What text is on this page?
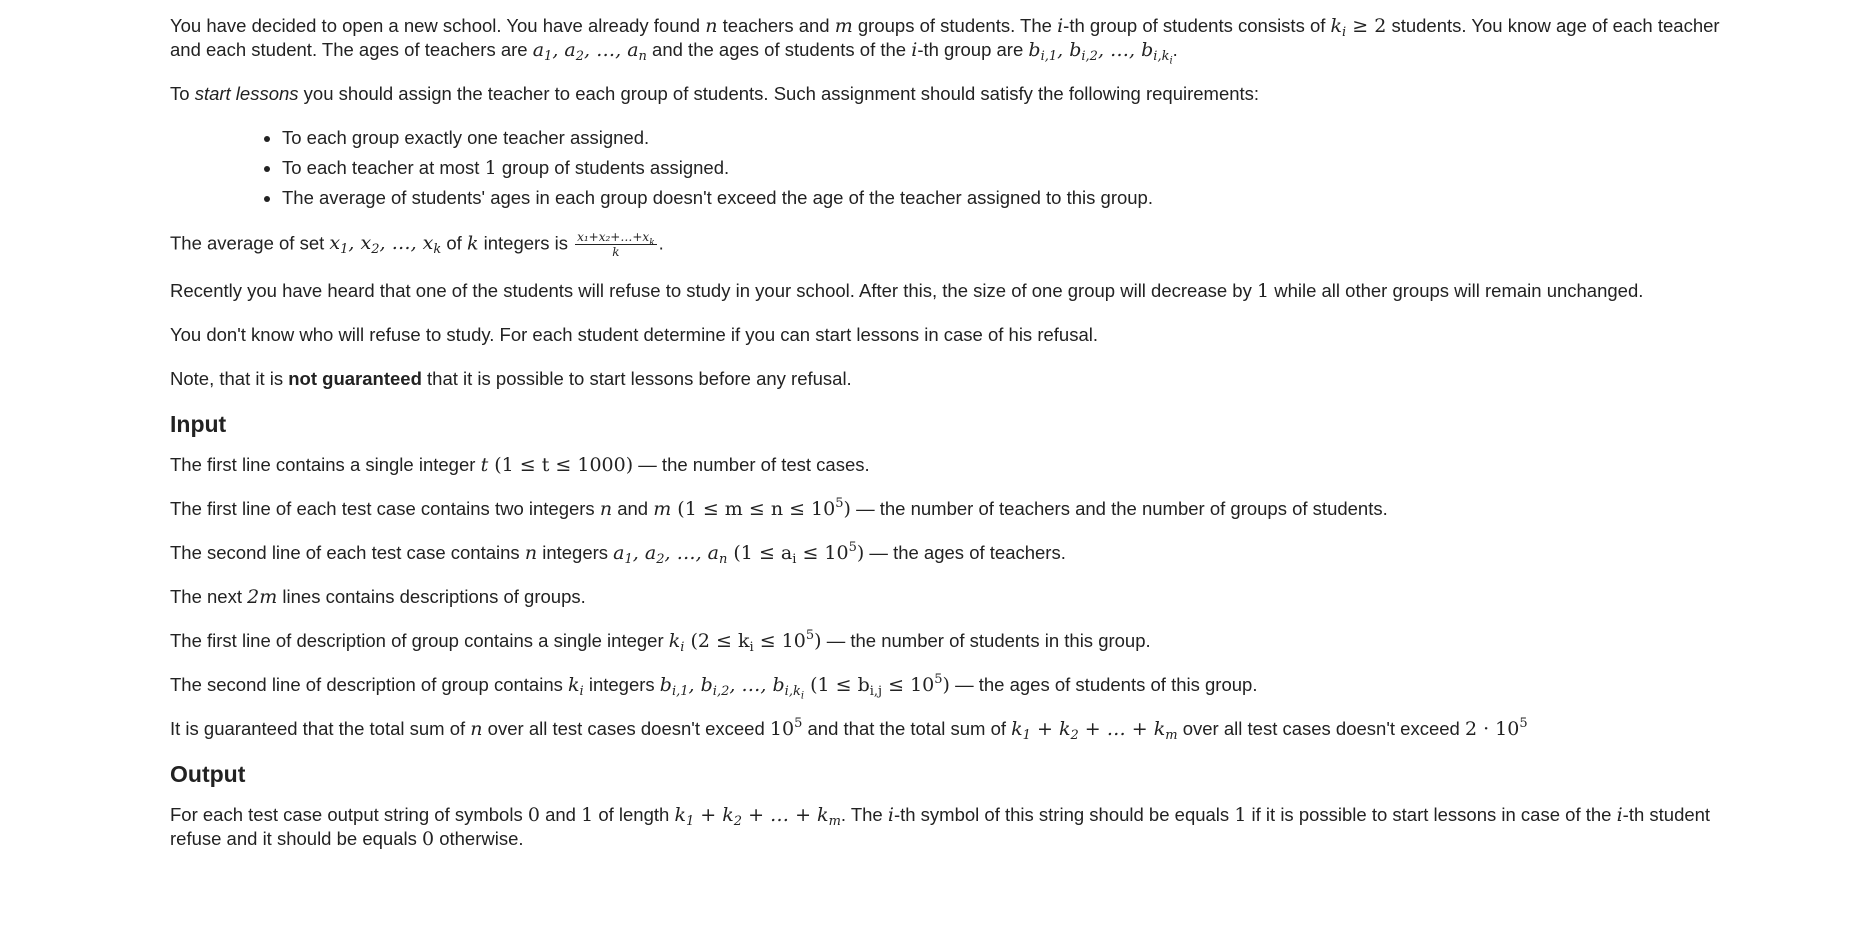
You have decided to open a new school. You have already found n teachers and m groups of students. The i-th group of students consists of $k_i \ge 2$ students. You know age of each teacher and each student. The ages of teachers are $a_1$, $a_2$, …, $a_n$ and the ages of students of the i-th group are $b_{i,1}$, $b_{i,2}$, …, $b_{i,k_i}$.

To start lessons you should assign the teacher to each group of students. Such assignment should satisfy the following requirements:

• To each group exactly one teacher assigned.
• To each teacher at most 1 group of students assigned.
• The average of students' ages in each group doesn't exceed the age of the teacher assigned to this group.

The average of set $x_1$, $x_2$, …, $x_k$ of k integers is $\frac{x_1+x_2+\dots+x_k}{k}$ .

Recently you have heard that one of the students will refuse to study in your school. After this, the size of one group will decrease by 1 while all other groups will remain unchanged.

You don't know who will refuse to study. For each student determine if you can start lessons in case of his refusal.

Note, that it is not guaranteed that it is possible to start lessons before any refusal.

Input

The first line contains a single integer t (1 ≤ t ≤ 1000) — the number of test cases.

The first line of each test case contains two integers n and m $(1 \le m \le n \le 10^5)$ — the number of teachers and the number of groups of students.

The second line of each test case contains n integers $a_1$, $a_2$, …, $a_n$ $(1 \le a_i \le 10^5)$ — the ages of teachers.

The next 2m lines contains descriptions of groups.

The first line of description of group contains a single integer $k_i$ $(2 \le k_i \le 10^5)$ — the number of students in this group.

The second line of description of group contains $k_i$ integers $b_{i,1}$, $b_{i,2}$, …, $b_{i,k_i}$ $(1 \le b_{i,j} \le 10^5)$ — the ages of students of this group.

It is guaranteed that the total sum of n over all test cases doesn't exceed $10^5$ and that the total sum of $k_1 + k_2$ + … + $k_m$ over all test cases doesn't exceed $2 \cdot 10^5$

Output

For each test case output string of symbols 0 and 1 of length $k_1 + k_2$ + … + $k_m$. The i-th symbol of this string should be equals 1 if it is possible to start lessons in case of the i-th student refuse and it should be equals 0 otherwise.
